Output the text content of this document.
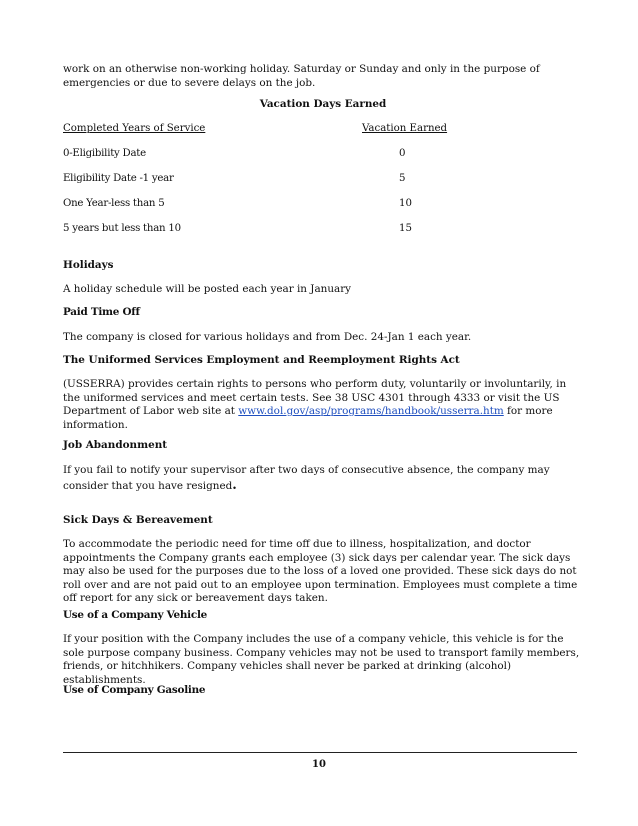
work on an otherwise non-working holiday. Saturday or Sunday and only in the purpose of emergencies or due to severe delays on the job.
Vacation Days Earned
Completed Years of Service	Vacation Earned
0-Eligibility Date	0
Eligibility Date -1 year	5
One Year-less than 5	10
5 years but less than 10	15
Holidays
A holiday schedule will be posted each year in January
Paid Time Off
The company is closed for various holidays and from Dec. 24-Jan 1 each year.
The Uniformed Services Employment and Reemployment Rights Act
(USSERRA) provides certain rights to persons who perform duty, voluntarily or involuntarily, in the uniformed services and meet certain tests. See 38 USC 4301 through 4333 or visit the US Department of Labor web site at www.dol.gov/asp/programs/handbook/usserra.htm for more information.
Job Abandonment
If you fail to notify your supervisor after two days of consecutive absence, the company may consider that you have resigned.
Sick Days & Bereavement
To accommodate the periodic need for time off due to illness, hospitalization, and doctor appointments the Company grants each employee (3) sick days per calendar year. The sick days may also be used for the purposes due to the loss of a loved one provided. These sick days do not roll over and are not paid out to an employee upon termination. Employees must complete a time off report for any sick or bereavement days taken.
Use of a Company Vehicle
If your position with the Company includes the use of a company vehicle, this vehicle is for the sole purpose company business. Company vehicles may not be used to transport family members, friends, or hitchhikers. Company vehicles shall never be parked at drinking (alcohol) establishments.
Use of Company Gasoline
10
